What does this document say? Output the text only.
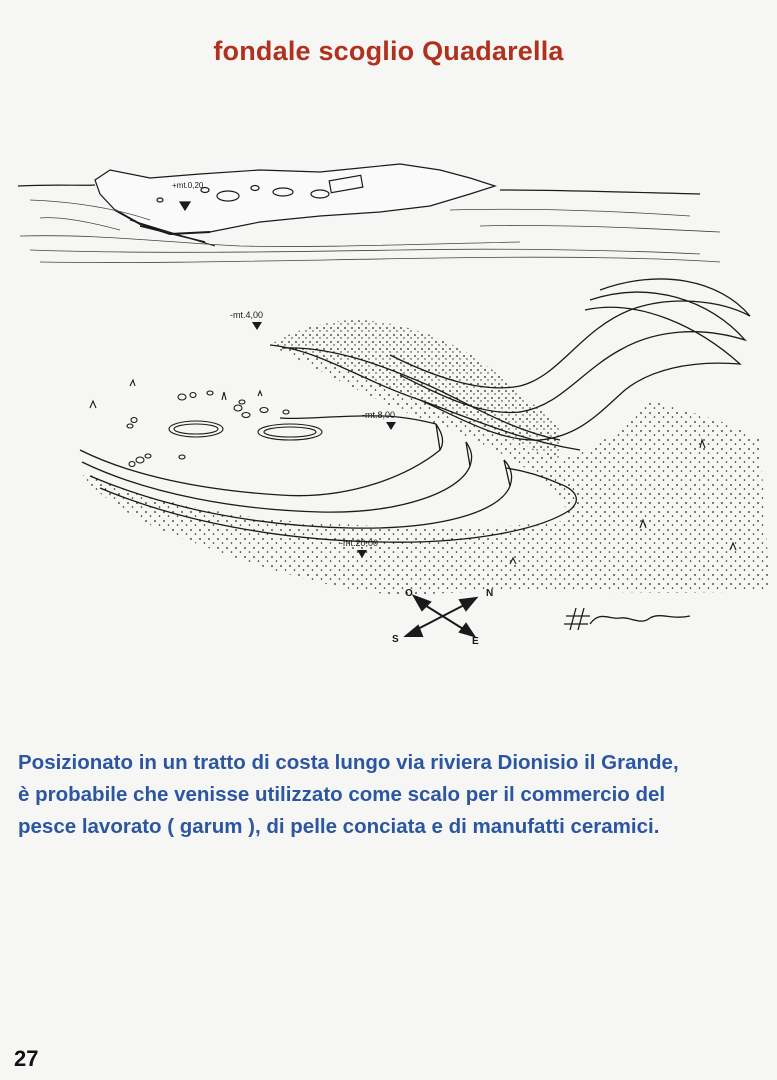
fondale scoglio Quadarella
+mt.0,20
-mt.4,00
-mt.8,00
-mt.20,00
O	N
S	E
Posizionato in un tratto di costa lungo via riviera Dionisio il Grande,
è probabile che venisse utilizzato come scalo per il commercio del
pesce lavorato ( garum ), di pelle conciata e di manufatti ceramici.
27
